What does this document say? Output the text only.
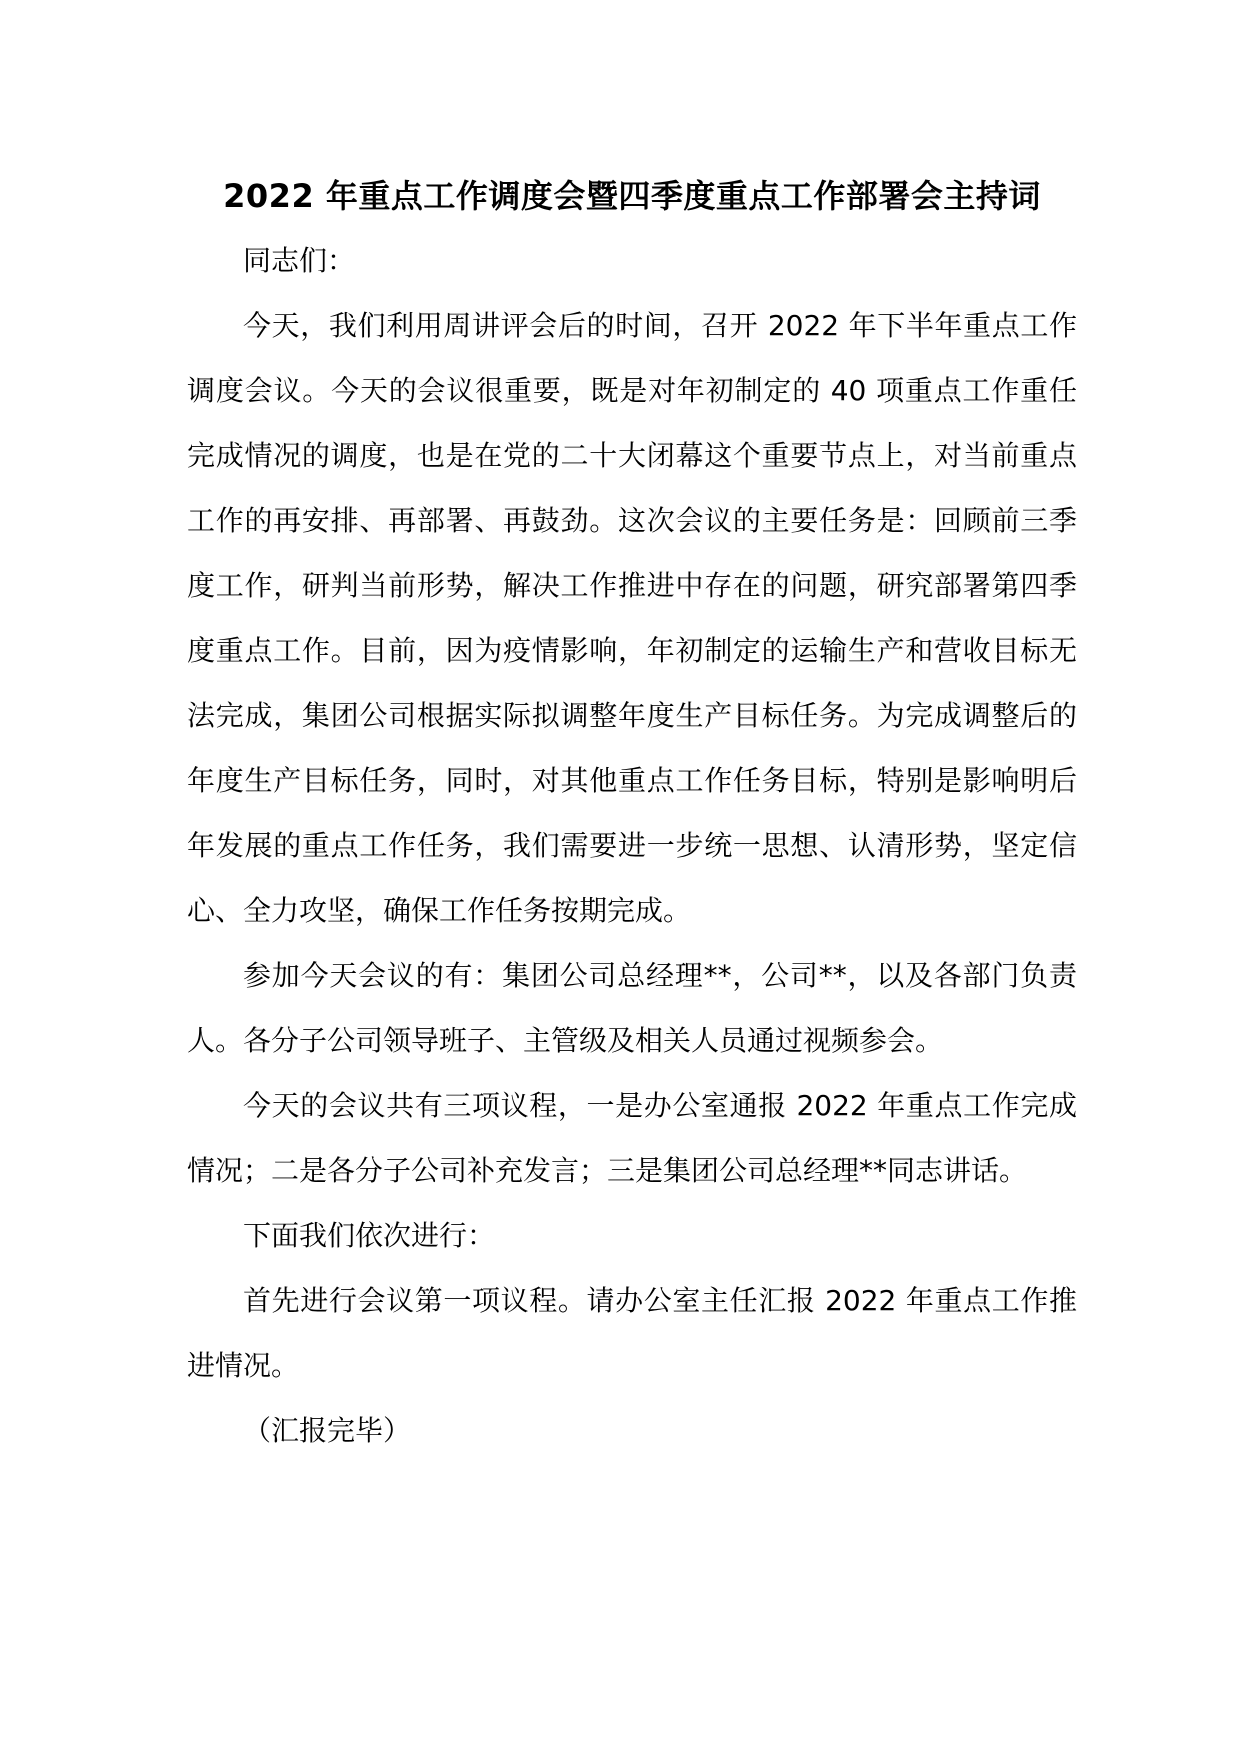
2022 年重点工作调度会暨四季度重点工作部署会主持词

同志们：

今天，我们利用周讲评会后的时间，召开 2022 年下半年重点工作调度会议。今天的会议很重要，既是对年初制定的 40 项重点工作重任完成情况的调度，也是在党的二十大闭幕这个重要节点上，对当前重点工作的再安排、再部署、再鼓劲。这次会议的主要任务是：回顾前三季度工作，研判当前形势，解决工作推进中存在的问题，研究部署第四季度重点工作。目前，因为疫情影响，年初制定的运输生产和营收目标无法完成，集团公司根据实际拟调整年度生产目标任务。为完成调整后的年度生产目标任务，同时，对其他重点工作任务目标，特别是影响明后年发展的重点工作任务，我们需要进一步统一思想、认清形势，坚定信心、全力攻坚，确保工作任务按期完成。

参加今天会议的有：集团公司总经理**，公司**，以及各部门负责人。各分子公司领导班子、主管级及相关人员通过视频参会。

今天的会议共有三项议程，一是办公室通报 2022 年重点工作完成情况；二是各分子公司补充发言；三是集团公司总经理**同志讲话。

下面我们依次进行：

首先进行会议第一项议程。请办公室主任汇报 2022 年重点工作推进情况。

（汇报完毕）
